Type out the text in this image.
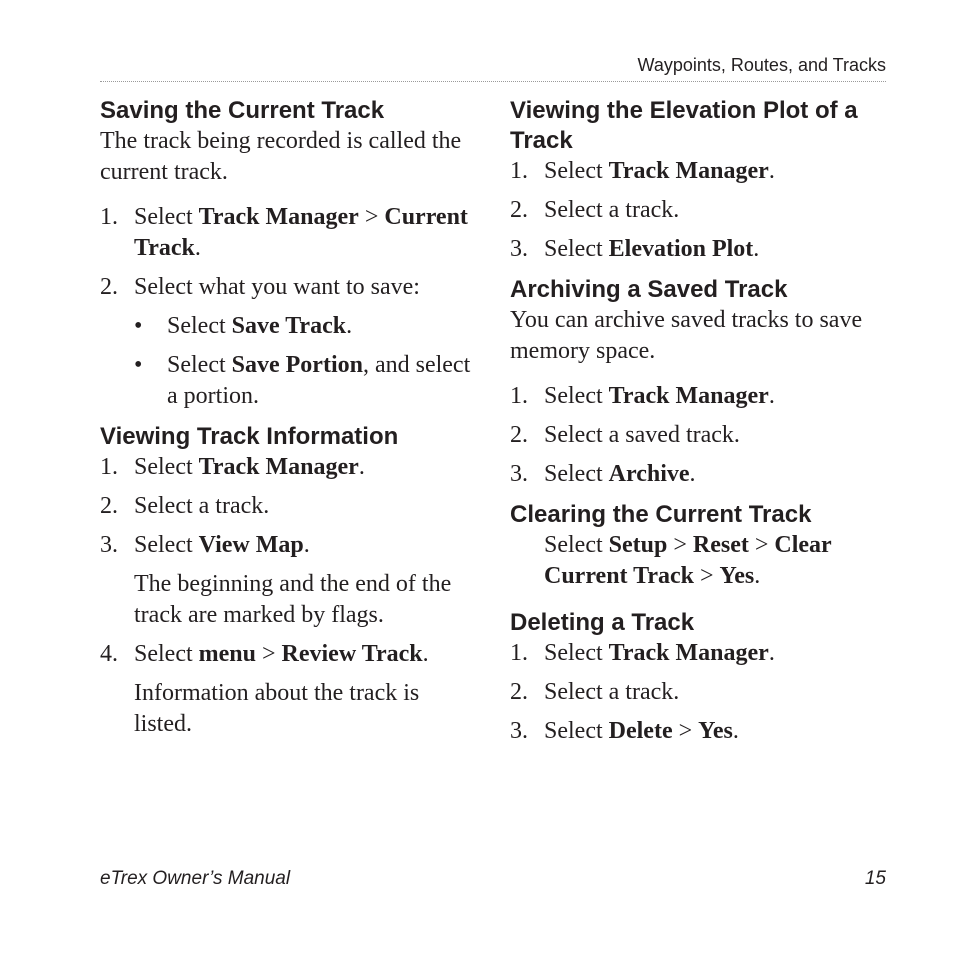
Waypoints, Routes, and Tracks
Saving the Current Track

The track being recorded is called the current track.

1. Select Track Manager > Current Track.
2. Select what you want to save:
• Select Save Track.
• Select Save Portion, and select a portion.
Viewing Track Information
1. Select Track Manager.
2. Select a track.
3. Select View Map.
The beginning and the end of the track are marked by flags.
4. Select menu > Review Track.
Information about the track is listed.
Viewing the Elevation Plot of a Track
1. Select Track Manager.
2. Select a track.
3. Select Elevation Plot.
Archiving a Saved Track

You can archive saved tracks to save memory space.

1. Select Track Manager.
2. Select a saved track.
3. Select Archive.
Clearing the Current Track

Select Setup > Reset > Clear Current Track > Yes.

Deleting a Track
1. Select Track Manager.
2. Select a track.
3. Select Delete > Yes.
eTrex Owner’s Manual	15
